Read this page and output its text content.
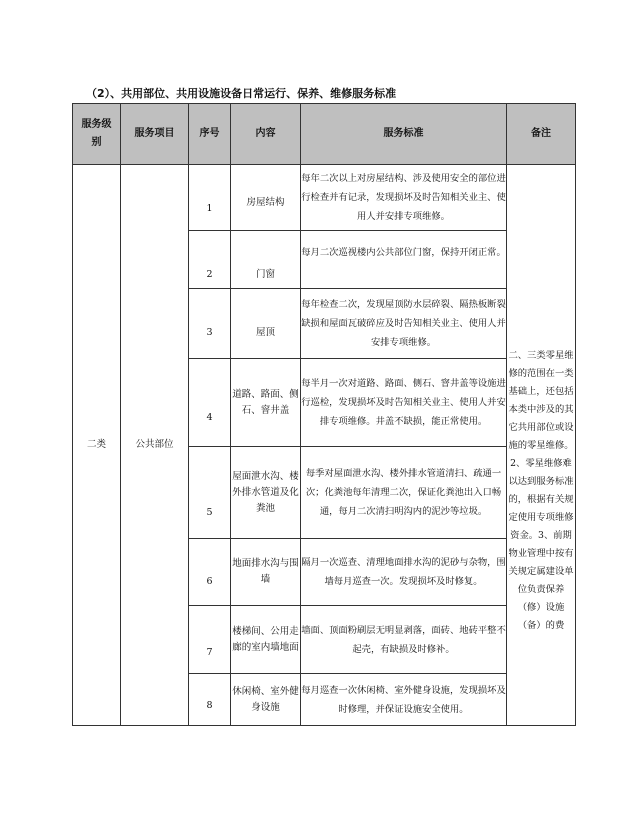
（2）、共用部位、共用设施设备日常运行、保养、维修服务标准
服务级别	服务项目	序号	内容	服务标准	备注
二类	公共部位	1	房屋结构	每年二次以上对房屋结构、涉及使用安全的部位进行检查并有记录，发现损坏及时告知相关业主、使用人并安排专项维修。	二、三类零星维修的范围在一类基础上，还包括本类中涉及的其它共用部位或设施的零星维修。2、零星维修难以达到服务标准的，根据有关规定使用专项维修资金。3、前期物业管理中按有关规定属建设单位负责保养（修）设施（备）的费

		2	门窗	每月二次巡视楼内公共部位门窗，保持开闭正常。	

		3	屋顶	每年检查二次，发现屋顶防水层碎裂、隔热板断裂缺损和屋面瓦破碎应及时告知相关业主、使用人并安排专项维修。	

		4	道路、路面、侧石、窨井盖	每半月一次对道路、路面、侧石、窨井盖等设施进行巡检，发现损坏及时告知相关业主、使用人并安排专项维修。井盖不缺损，能正常使用。	

		5	屋面泄水沟、楼外排水管道及化粪池	每季对屋面泄水沟、楼外排水管道清扫、疏通一次；化粪池每年清理二次，保证化粪池出入口畅通，每月二次清扫明沟内的泥沙等垃圾。	

		6	地面排水沟与围墙	隔月一次巡查、清理地面排水沟的泥砂与杂物，围墙每月巡查一次。发现损坏及时修复。	

		7	楼梯间、公用走廊的室内墙地面	墙面、顶面粉刷层无明显剥落，面砖、地砖平整不起壳，有缺损及时修补。	

		8	休闲椅、室外健身设施	每月巡查一次休闲椅、室外健身设施，发现损坏及时修理，并保证设施安全使用。	
